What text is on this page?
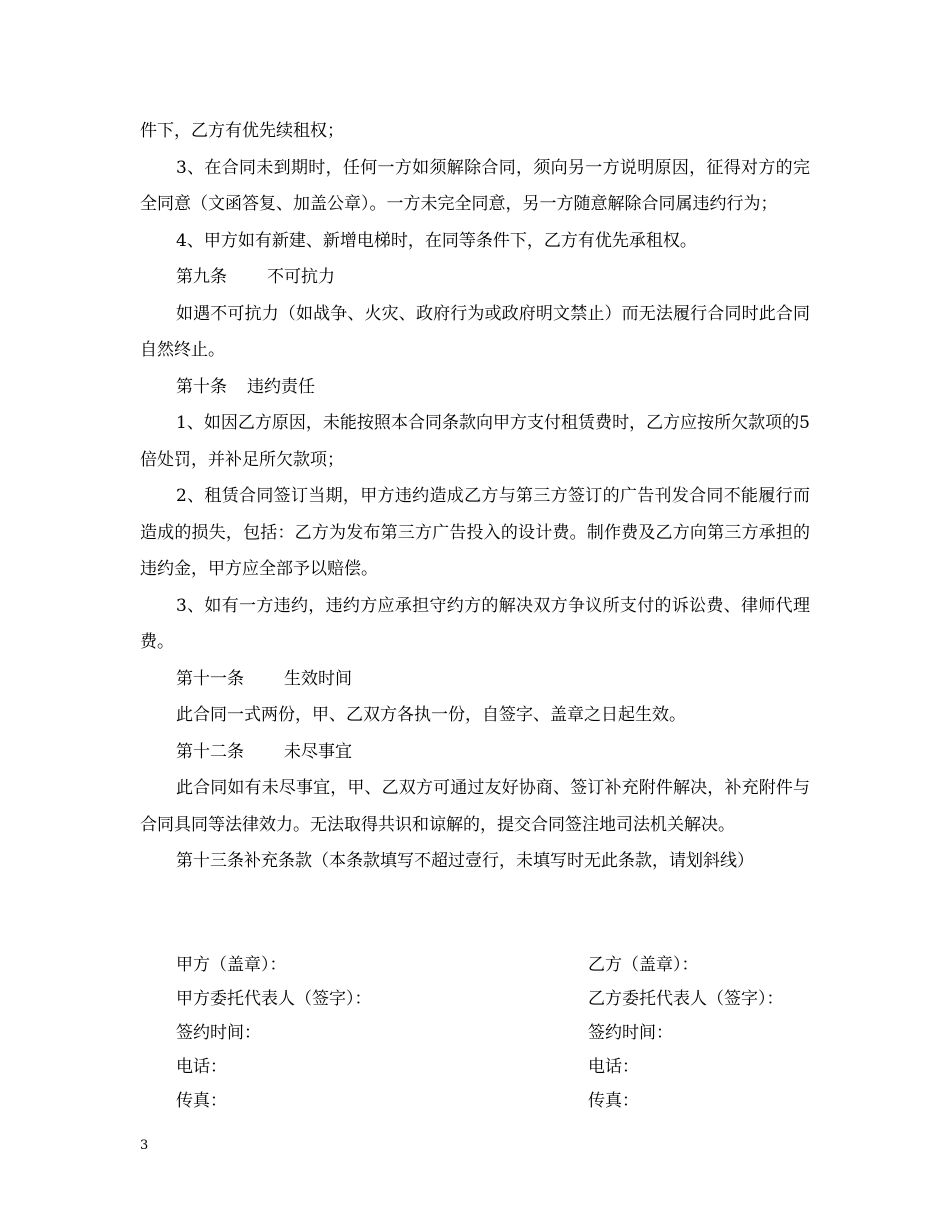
件下，乙方有优先续租权；

3、在合同未到期时，任何一方如须解除合同，须向另一方说明原因，征得对方的完全同意（文函答复、加盖公章）。一方未完全同意，另一方随意解除合同属违约行为；

4、甲方如有新建、新增电梯时，在同等条件下，乙方有优先承租权。

第九条 不可抗力

如遇不可抗力（如战争、火灾、政府行为或政府明文禁止）而无法履行合同时此合同自然终止。

第十条 违约责任

1、如因乙方原因，未能按照本合同条款向甲方支付租赁费时，乙方应按所欠款项的5倍处罚，并补足所欠款项；

2、租赁合同签订当期，甲方违约造成乙方与第三方签订的广告刊发合同不能履行而造成的损失，包括：乙方为发布第三方广告投入的设计费。制作费及乙方向第三方承担的违约金，甲方应全部予以赔偿。

3、如有一方违约，违约方应承担守约方的解决双方争议所支付的诉讼费、律师代理费。

第十一条 生效时间

此合同一式两份，甲、乙双方各执一份，自签字、盖章之日起生效。

第十二条 未尽事宜

此合同如有未尽事宜，甲、乙双方可通过友好协商、签订补充附件解决，补充附件与合同具同等法律效力。无法取得共识和谅解的，提交合同签注地司法机关解决。

第十三条补充条款（本条款填写不超过壹行，未填写时无此条款，请划斜线）

甲方（盖章）：	乙方（盖章）：
甲方委托代表人（签字）：	乙方委托代表人（签字）：
签约时间：	签约时间：
电话：	电话：
传真：	传真：
3
